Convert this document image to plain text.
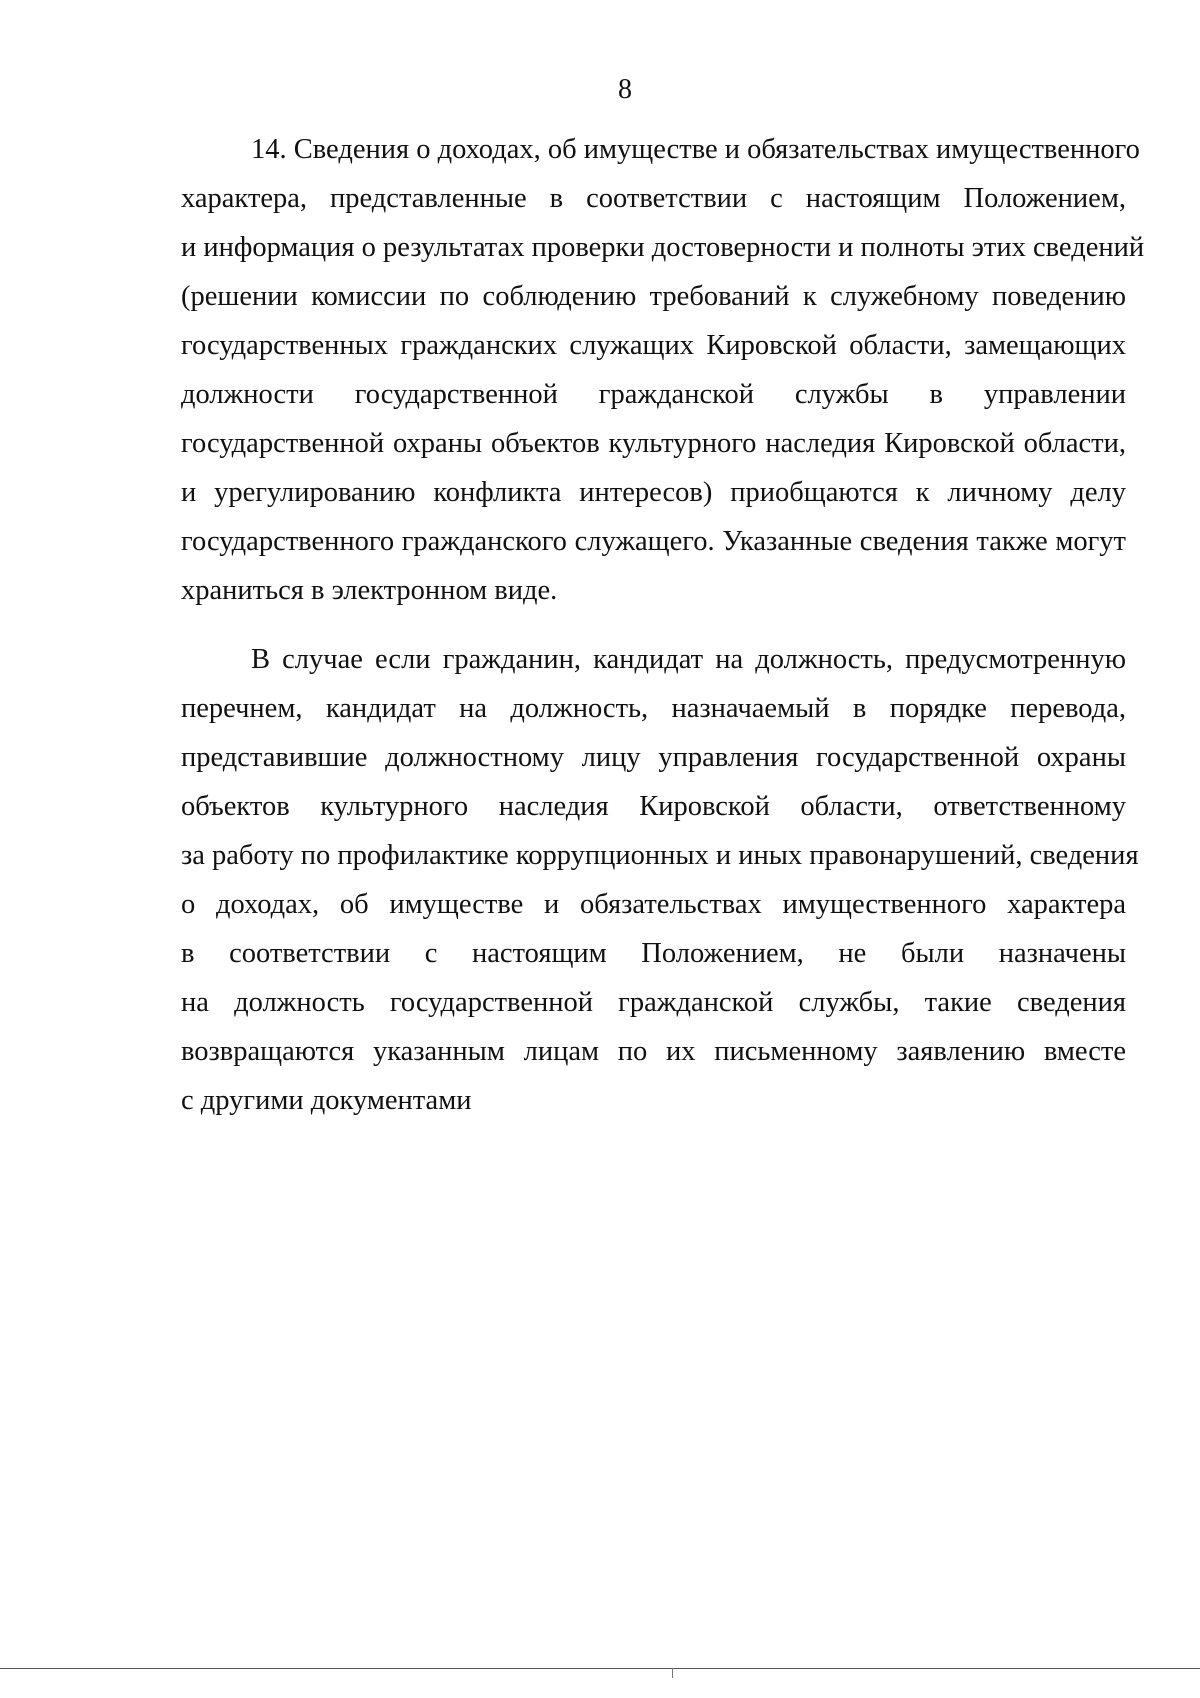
8

14. Сведения о доходах, об имуществе и обязательствах имущественного
характера, представленные в соответствии с настоящим Положением,
и информация о результатах проверки достоверности и полноты этих сведений
(решении комиссии по соблюдению требований к служебному поведению
государственных гражданских служащих Кировской области, замещающих
должности государственной гражданской службы в управлении
государственной охраны объектов культурного наследия Кировской области,
и урегулированию конфликта интересов) приобщаются к личному делу
государственного гражданского служащего. Указанные сведения также могут
храниться в электронном виде.

В случае если гражданин, кандидат на должность, предусмотренную
перечнем, кандидат на должность, назначаемый в порядке перевода,
представившие должностному лицу управления государственной охраны
объектов культурного наследия Кировской области, ответственному
за работу по профилактике коррупционных и иных правонарушений, сведения
о доходах, об имуществе и обязательствах имущественного характера
в соответствии с настоящим Положением, не были назначены
на должность государственной гражданской службы, такие сведения
возвращаются указанным лицам по их письменному заявлению вместе
с другими документами
